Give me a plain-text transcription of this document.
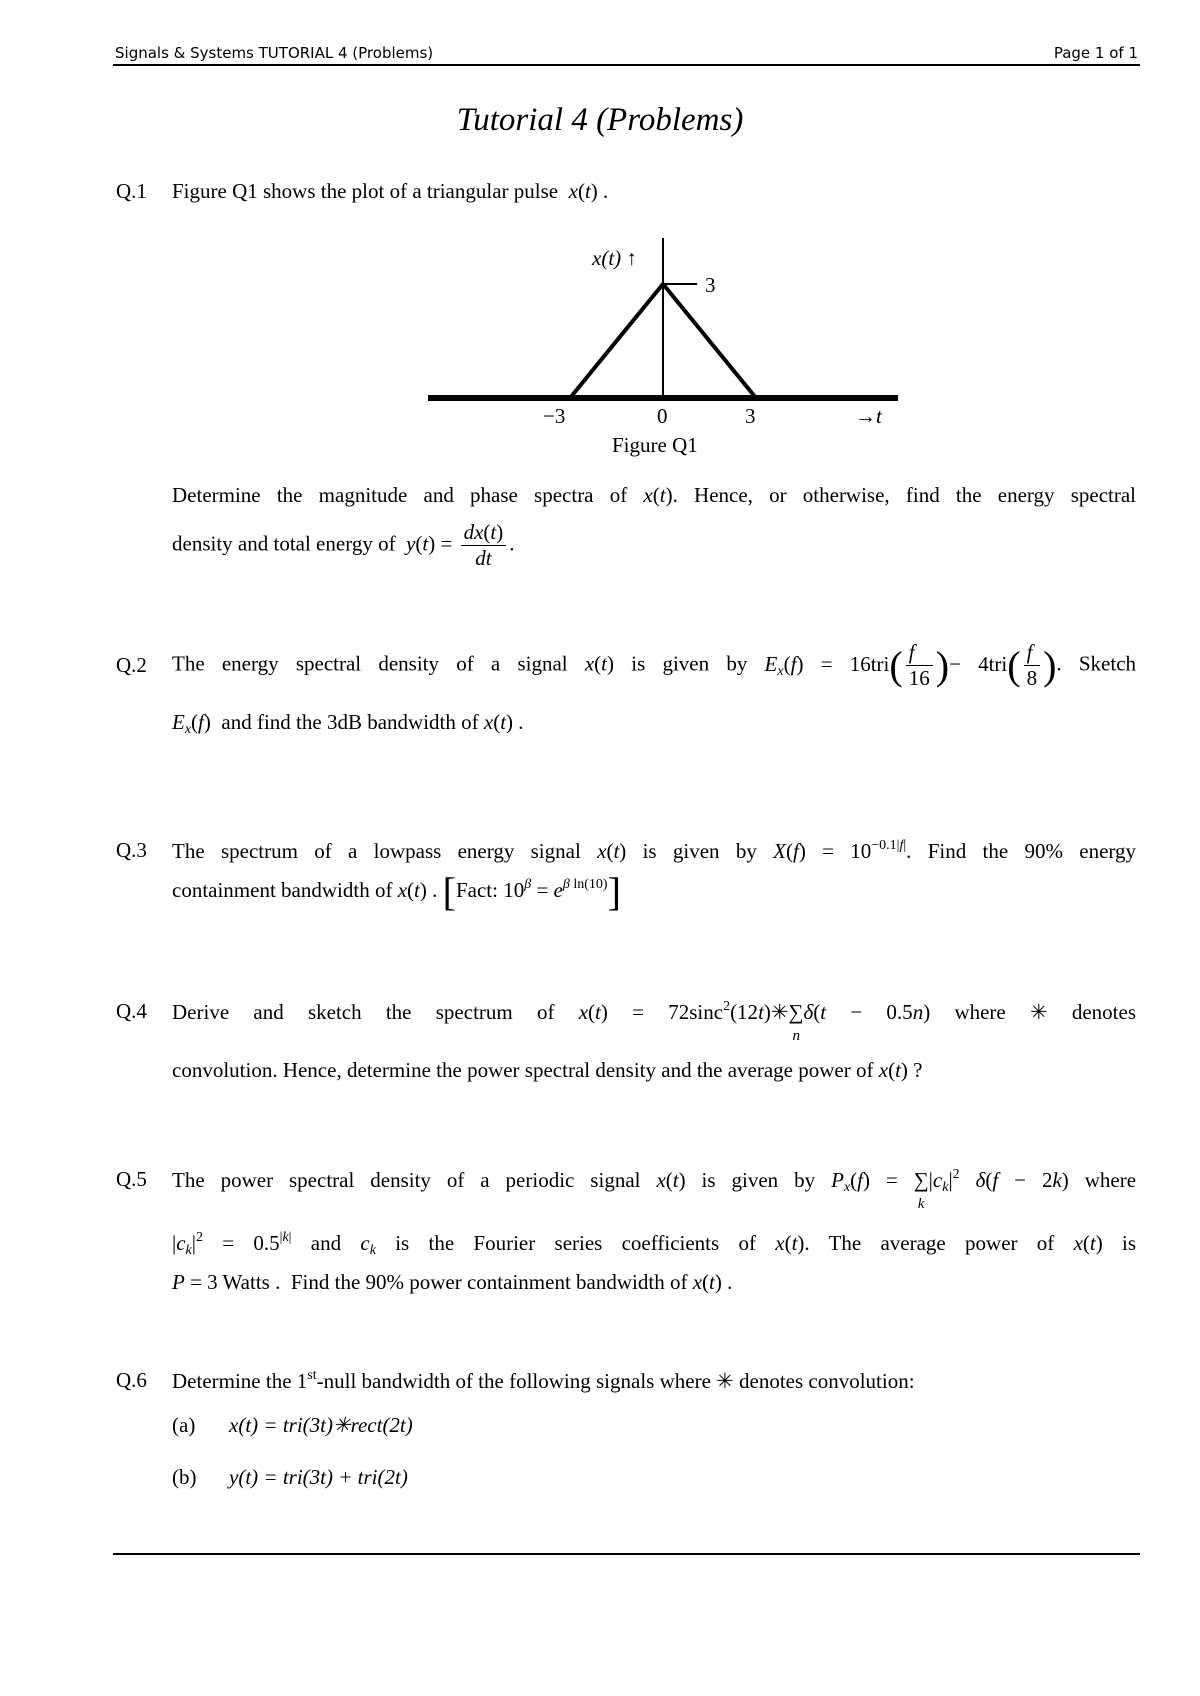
Signals & Systems TUTORIAL 4 (Problems)	Page 1 of 1
Tutorial 4 (Problems)
Q.1 Figure Q1 shows the plot of a triangular pulse x(t) .
3
x(t) ↑
−3	0	3	→t
Figure Q1
Determine the magnitude and phase spectra of x(t). Hence, or otherwise, find the energy spectral
density and total energy of $y(t) = \frac{dx(t)}{dt}$ .
Q.2 The energy spectral density of a signal x(t) is given by $E_x(f) = 16tri( \frac{f}{16}$ )− $4tri( \frac{f}{8}$ ). Sketch
$E_x(f)$  and find the 3dB bandwidth of x(t) .
Q.3 The spectrum of a lowpass energy signal x(t) is given by $X(f) = 10^{-0.1|f|}$. Find the 90% energy
containment bandwidth of x(t) . [Fact: $10^\beta = e^{\beta ln(10)}$]
Q.4 Derive and sketch the spectrum of x(t) = 72sinc$^2$(12t)✳∑
n
δ(t − 0.5n) where ✳ denotes
convolution. Hence, determine the power spectral density and the average power of x(t) ?
Q.5 The power spectral density of a periodic signal x(t) is given by $P_x(f)$ = ∑
k
$|c_k|^2$ δ(f − 2k) where
$|c_k|^2 = 0.5^{|k|}$ and $c_k$ is the Fourier series coefficients of x(t). The average power of x(t) is
P = 3 Watts .  Find the 90% power containment bandwidth of x(t) .
Q.6 Determine the 1st-null bandwidth of the following signals where ✳ denotes convolution:
(a) x(t) = tri(3t)✳rect(2t)
(b) y(t) = tri(3t) + tri(2t)
